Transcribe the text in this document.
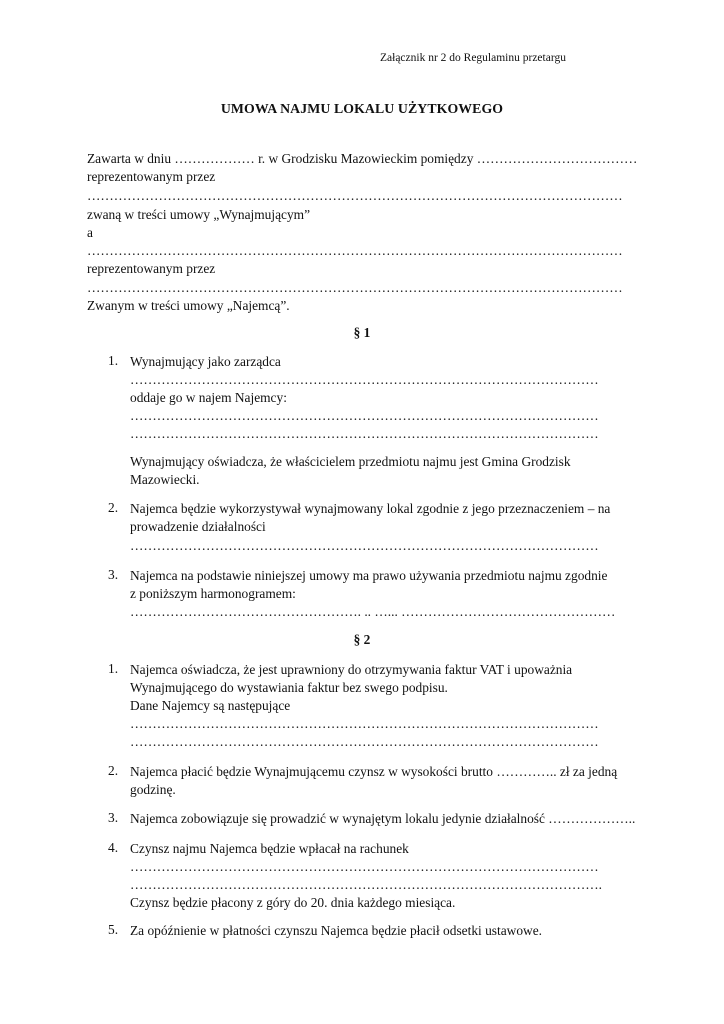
Załącznik nr 2 do Regulaminu przetargu
UMOWA NAJMU LOKALU UŻYTKOWEGO
Zawarta w dniu ……………… r. w Grodzisku Mazowieckim pomiędzy ………………………………
reprezentowanym przez
…………………………………………………………………………………………………………
zwaną w treści umowy „Wynajmującym”
a
…………………………………………………………………………………………………………
reprezentowanym przez
…………………………………………………………………………………………………………
Zwanym w treści umowy „Najemcą”.
§ 1
1. Wynajmujący jako zarządca
……………………………………………………………………………………………
oddaje go w najem Najemcy:
……………………………………………………………………………………………
……………………………………………………………………………………………
Wynajmujący oświadcza, że właścicielem przedmiotu najmu jest Gmina Grodzisk
Mazowiecki.
2. Najemca będzie wykorzystywał wynajmowany lokal zgodnie z jego przeznaczeniem – na
prowadzenie działalności
……………………………………………………………………………………………
3. Najemca na podstawie niniejszej umowy ma prawo używania przedmiotu najmu zgodnie
z poniższym harmonogramem:
……………………………………………. .. …... …………………………………………
§ 2
1. Najemca oświadcza, że jest uprawniony do otrzymywania faktur VAT i upoważnia
Wynajmującego do wystawiania faktur bez swego podpisu.
Dane Najemcy są następujące
……………………………………………………………………………………………
……………………………………………………………………………………………
2. Najemca płacić będzie Wynajmującemu czynsz w wysokości brutto ………….. zł za jedną
godzinę.
3. Najemca zobowiązuje się prowadzić w wynajętym lokalu jedynie działalność ………………..
4. Czynsz najmu Najemca będzie wpłacał na rachunek
……………………………………………………………………………………………
…………………………………………………………………………………………….
Czynsz będzie płacony z góry do 20. dnia każdego miesiąca.
5. Za opóźnienie w płatności czynszu Najemca będzie płacił odsetki ustawowe.
